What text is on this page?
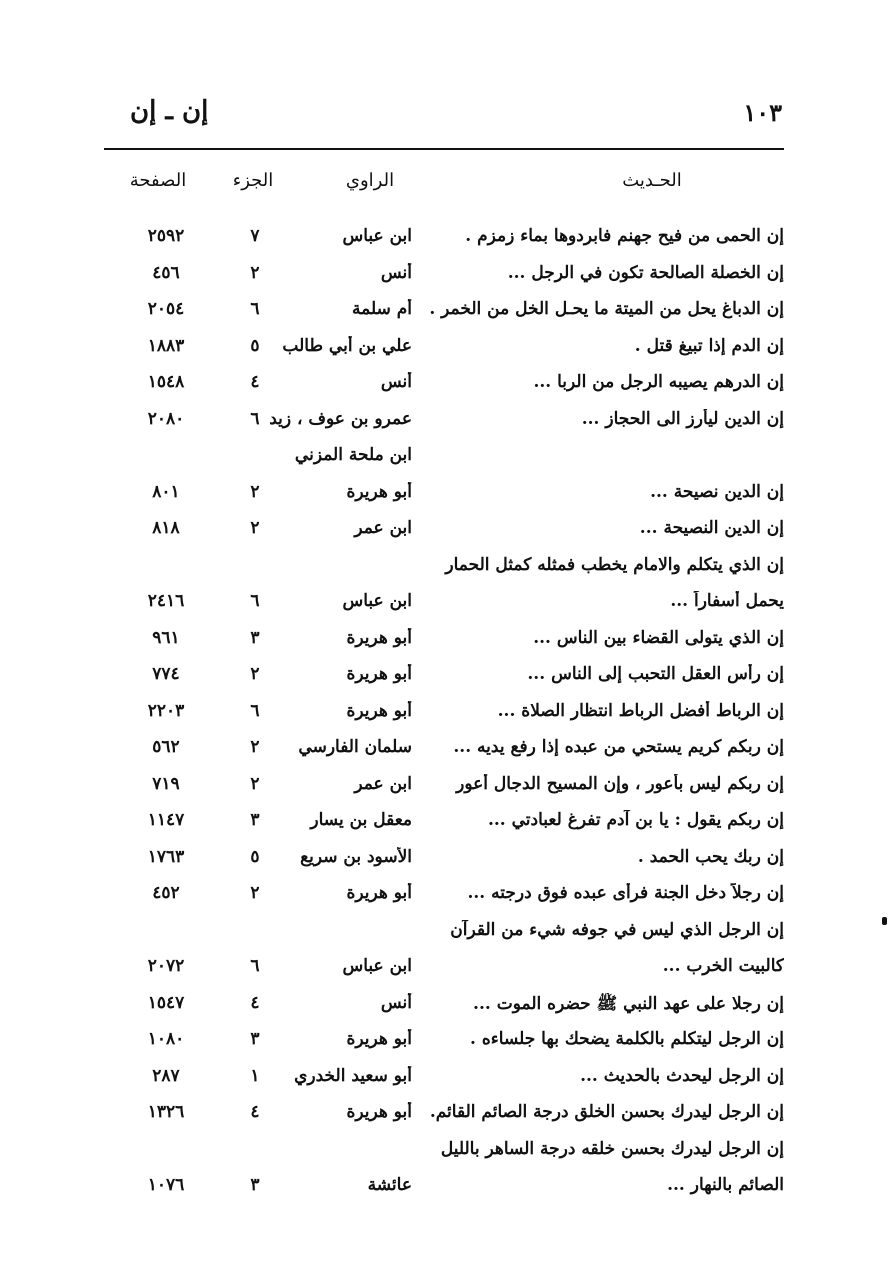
١٠٣
إن ـ إن
الحـديث
الراوي
الجزء
الصفحة
إن الحمى من فيح جهنم فابردوها بماء زمزم .
ابن عباس
٧
٢٥٩٢
إن الخصلة الصالحة تكون في الرجل ...
أنس
٢
٤٥٦
إن الدباغ يحل من الميتة ما يحـل الخل من الخمر .
أم سلمة
٦
٢٠٥٤
إن الدم إذا تبيغ قتل .
علي بن أبي طالب
٥
١٨٨٣
إن الدرهم يصيبه الرجل من الربا ...
أنس
٤
١٥٤٨
إن الدين ليأرز الى الحجاز ...
عمرو بن عوف ، زيد
٦
٢٠٨٠
ابن ملحة المزني
إن الدين نصيحة ...
أبو هريرة
٢
٨٠١
إن الدين النصيحة ...
ابن عمر
٢
٨١٨
إن الذي يتكلم والامام يخطب فمثله كمثل الحمار
يحمل أسفاراً ...
ابن عباس
٦
٢٤١٦
إن الذي يتولى القضاء بين الناس ...
أبو هريرة
٣
٩٦١
إن رأس العقل التحبب إلى الناس ...
أبو هريرة
٢
٧٧٤
إن الرباط أفضل الرباط انتظار الصلاة ...
أبو هريرة
٦
٢٢٠٣
إن ربكم كريم يستحي من عبده إذا رفع يديه ...
سلمان الفارسي
٢
٥٦٢
إن ربكم ليس بأعور ، وإن المسيح الدجال أعور
ابن عمر
٢
٧١٩
إن ربكم يقول : يا بن آدم تفرغ لعبادتي ...
معقل بن يسار
٣
١١٤٧
إن ربك يحب الحمد .
الأسود بن سريع
٥
١٧٦٣
إن رجلاً دخل الجنة فرأى عبده فوق درجته ...
أبو هريرة
٢
٤٥٢
إن الرجل الذي ليس في جوفه شيء من القرآن
كالبيت الخرب ...
ابن عباس
٦
٢٠٧٢
إن رجلا على عهد النبي ﷺ حضره الموت ...
أنس
٤
١٥٤٧
إن الرجل ليتكلم بالكلمة يضحك بها جلساءه .
أبو هريرة
٣
١٠٨٠
إن الرجل ليحدث بالحديث ...
أبو سعيد الخدري
١
٢٨٧
إن الرجل ليدرك بحسن الخلق درجة الصائم القائم.
أبو هريرة
٤
١٣٢٦
إن الرجل ليدرك بحسن خلقه درجة الساهر بالليل
الصائم بالنهار ...
عائشة
٣
١٠٧٦
